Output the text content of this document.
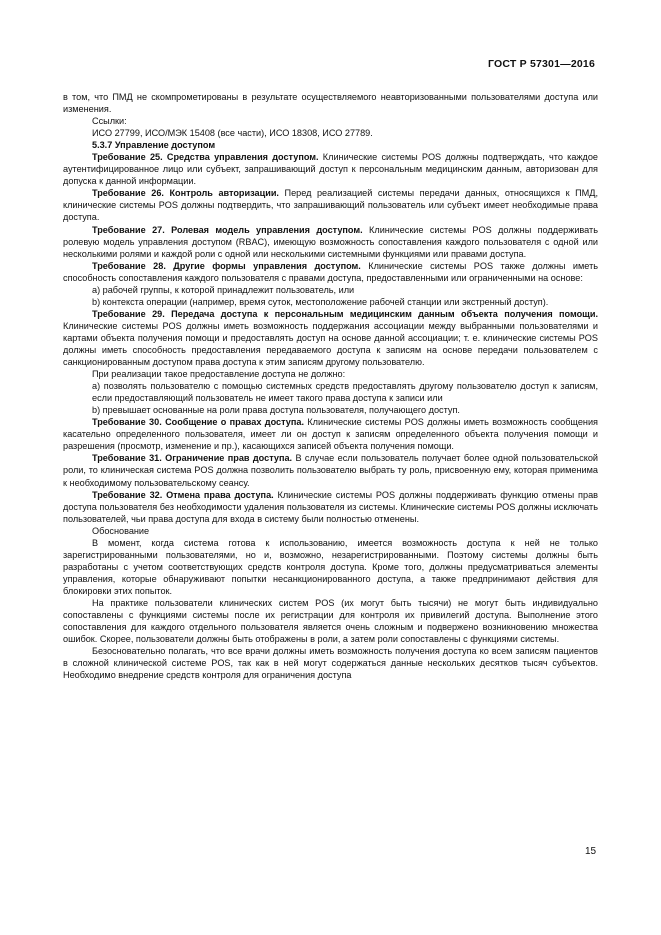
ГОСТ Р 57301—2016

в том, что ПМД не скомпрометированы в результате осуществляемого неавторизованными пользователями доступа или изменения.

Ссылки:

ИСО 27799, ИСО/МЭК 15408 (все части), ИСО 18308, ИСО 27789.

5.3.7 Управление доступом

Требование 25. Средства управления доступом. Клинические системы POS должны подтверждать, что каждое аутентифицированное лицо или субъект, запрашивающий доступ к персональным медицинским данным, авторизован для допуска к данной информации.

Требование 26. Контроль авторизации. Перед реализацией системы передачи данных, относящихся к ПМД, клинические системы POS должны подтвердить, что запрашивающий пользователь или субъект имеет необходимые права доступа.

Требование 27. Ролевая модель управления доступом. Клинические системы POS должны поддерживать ролевую модель управления доступом (RBAC), имеющую возможность сопоставления каждого пользователя с одной или несколькими ролями и каждой роли с одной или несколькими системными функциями или правами доступа.

Требование 28. Другие формы управления доступом. Клинические системы POS также должны иметь способность сопоставления каждого пользователя с правами доступа, предоставленными или ограниченными на основе:

a) рабочей группы, к которой принадлежит пользователь, или

b) контекста операции (например, время суток, местоположение рабочей станции или экстренный доступ).

Требование 29. Передача доступа к персональным медицинским данным объекта получения помощи. Клинические системы POS должны иметь возможность поддержания ассоциации между выбранными пользователями и картами объекта получения помощи и предоставлять доступ на основе данной ассоциации; т. е. клинические системы POS должны иметь способность предоставления передаваемого доступа к записям на основе передачи пользователем с санкционированным доступом права доступа к этим записям другому пользователю.

При реализации такое предоставление доступа не должно:

a) позволять пользователю с помощью системных средств предоставлять другому пользователю доступ к записям, если предоставляющий пользователь не имеет такого права доступа к записи или

b) превышает основанные на роли права доступа пользователя, получающего доступ.

Требование 30. Сообщение о правах доступа. Клинические системы POS должны иметь возможность сообщения касательно определенного пользователя, имеет ли он доступ к записям определенного объекта получения помощи и разрешения (просмотр, изменение и пр.), касающихся записей объекта получения помощи.

Требование 31. Ограничение прав доступа. В случае если пользователь получает более одной пользовательской роли, то клиническая система POS должна позволить пользователю выбрать ту роль, присвоенную ему, которая применима к необходимому пользовательскому сеансу.

Требование 32. Отмена права доступа. Клинические системы POS должны поддерживать функцию отмены прав доступа пользователя без необходимости удаления пользователя из системы. Клинические системы POS должны исключать пользователей, чьи права доступа для входа в систему были полностью отменены.

Обоснование

В момент, когда система готова к использованию, имеется возможность доступа к ней не только зарегистрированными пользователями, но и, возможно, незарегистрированными. Поэтому системы должны быть разработаны с учетом соответствующих средств контроля доступа. Кроме того, должны предусматриваться элементы управления, которые обнаруживают попытки несанкционированного доступа, а также предпринимают действия для блокировки этих попыток.

На практике пользователи клинических систем POS (их могут быть тысячи) не могут быть индивидуально сопоставлены с функциями системы после их регистрации для контроля их привилегий доступа. Выполнение этого сопоставления для каждого отдельного пользователя является очень сложным и подвержено возникновению множества ошибок. Скорее, пользователи должны быть отображены в роли, а затем роли сопоставлены с функциями системы.

Безосновательно полагать, что все врачи должны иметь возможность получения доступа ко всем записям пациентов в сложной клинической системе POS, так как в ней могут содержаться данные нескольких десятков тысяч субъектов. Необходимо внедрение средств контроля для ограничения доступа

15
